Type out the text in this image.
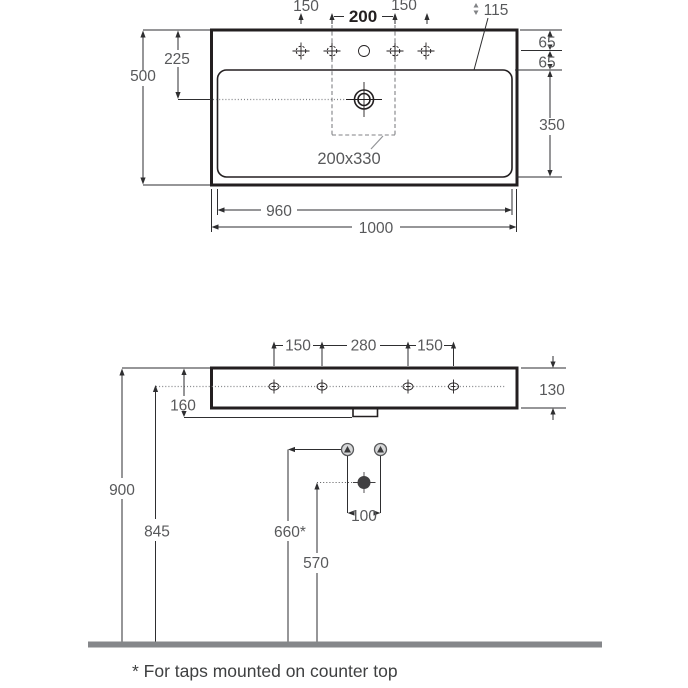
200x330
150
200
150	115
500
225
65
65
350
960
1000
150	280	150
130
160
900
845	660*
570
100
* For taps mounted on counter top
